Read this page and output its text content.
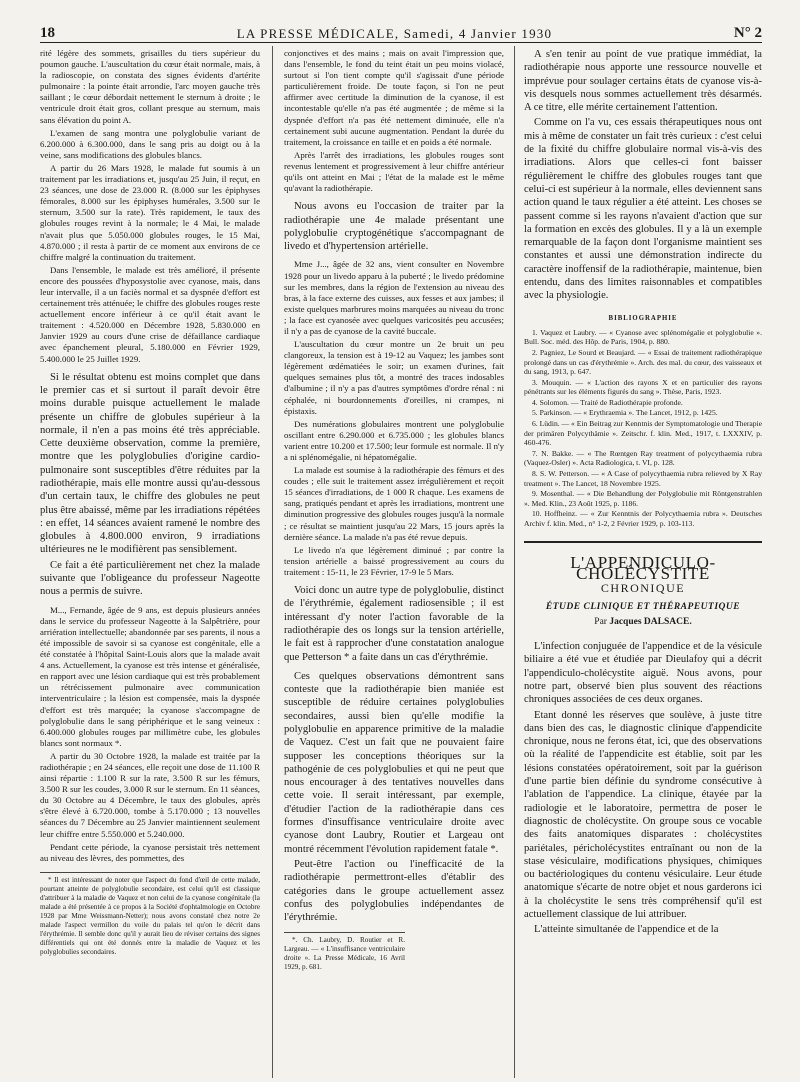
18	LA PRESSE MÉDICALE, Samedi, 4 Janvier 1930	N° 2

rité légère des sommets, grisailles du tiers supérieur du poumon gauche. L'auscultation du cœur était normale, mais, à la radioscopie, on constata des signes évidents d'artérite pulmonaire : la pointe était arrondie, l'arc moyen gauche très saillant ; le cœur débordait nettement le sternum à droite ; le ventricule droit était gros, collant presque au sternum, mais sans élévation du point A.

L'examen de sang montra une polyglobulie variant de 6.200.000 à 6.300.000, dans le sang pris au doigt ou à la veine, sans modifications des globules blancs.

A partir du 26 Mars 1928, le malade fut soumis à un traitement par les irradiations et, jusqu'au 25 Juin, il reçut, en 23 séances, une dose de 23.000 R. (8.000 sur les épiphyses fémorales, 8.000 sur les épiphyses humérales, 3.500 sur le sternum, 3.500 sur la rate). Très rapidement, le taux des globules rouges revint à la normale; le 4 Mai, le malade n'avait plus que 5.050.000 globules rouges, le 15 Mai, 4.870.000 ; il resta à partir de ce moment aux environs de ce chiffre malgré la continuation du traitement.

Dans l'ensemble, le malade est très amélioré, il présente encore des poussées d'hyposystolie avec cyanose, mais, dans leur intervalle, il a un faciès normal et sa dyspnée d'effort est certainement très atténuée; le chiffre des globules rouges reste actuellement encore inférieur à ce qu'il était avant le traitement : 4.520.000 en Décembre 1928, 5.830.000 en Janvier 1929 au cours d'une crise de défaillance cardiaque avec épanchement pleural, 5.180.000 en Février 1929, 5.400.000 le 25 Juillet 1929.

Si le résultat obtenu est moins complet que dans le premier cas et si surtout il paraît devoir être moins durable puisque actuellement le malade présente un chiffre de globules supérieur à la normale, il n'en a pas moins été très appréciable. Cette deuxième observation, comme la première, montre que les polyglobulies d'origine cardio-pulmonaire sont susceptibles d'être réduites par la radiothérapie, mais elle montre aussi qu'au-dessous d'un certain taux, le chiffre des globules ne peut plus être abaissé, même par les irradiations répétées : en effet, 14 séances avaient ramené le nombre des globules à 4.800.000 environ, 9 irradiations ultérieures ne le modifièrent pas sensiblement.

Ce fait a été particulièrement net chez la malade suivante que l'obligeance du professeur Nageotte nous a permis de suivre.

M..., Fernande, âgée de 9 ans, est depuis plusieurs années dans le service du professeur Nageotte à la Salpêtrière, pour arriération intellectuelle; abandonnée par ses parents, il nous a été impossible de savoir si sa cyanose est congénitale, elle a été constatée à l'hôpital Saint-Louis alors que la malade avait 4 ans. Actuellement, la cyanose est très intense et généralisée, en rapport avec une lésion cardiaque qui est très probablement un rétrécissement pulmonaire avec communication interventriculaire ; la lésion est compensée, mais la dyspnée d'effort est très marquée; la cyanose s'accompagne de polyglobulie dans le sang périphérique et le sang veineux : 6.400.000 globules rouges par millimètre cube, les globules blancs sont normaux *.

A partir du 30 Octobre 1928, la malade est traitée par la radiothérapie ; en 24 séances, elle reçoit une dose de 11.100 R ainsi répartie : 1.100 R sur la rate, 3.500 R sur les fémurs, 3.500 R sur les coudes, 3.000 R sur le sternum. En 11 séances, du 30 Octobre au 4 Décembre, le taux des globules, après s'être élevé à 6.720.000, tombe à 5.170.000 ; 13 nouvelles séances du 7 Décembre au 25 Janvier maintiennent seulement leur chiffre entre 5.550.000 et 5.240.000.

Pendant cette période, la cyanose persistait très nettement au niveau des lèvres, des pommettes, des

* Il est intéressant de noter que l'aspect du fond d'œil de cette malade, pourtant atteinte de polyglobulie secondaire, est celui qu'il est classique d'attribuer à la maladie de Vaquez et non celui de la cyanose congénitale (la malade a été présentée à ce propos à la Société d'ophtalmologie en Octobre 1928 par Mme Weissmann-Netter); nous avons constaté chez notre 2e malade l'aspect vermillon du voile du palais tel qu'on le décrit dans l'érythrémie. Il semble donc qu'il y aurait lieu de réviser certains des signes différentiels qui ont été donnés entre la maladie de Vaquez et les polyglobulies secondaires.

conjonctives et des mains ; mais on avait l'impression que, dans l'ensemble, le fond du teint était un peu moins violacé, surtout si l'on tient compte qu'il s'agissait d'une période particulièrement froide. De toute façon, si l'on ne peut affirmer avec certitude la diminution de la cyanose, il est incontestable qu'elle n'a pas été augmentée ; de même si la dyspnée d'effort n'a pas été nettement diminuée, elle n'a certainement subi aucune augmentation. Pendant la durée du traitement, la croissance en taille et en poids a été normale.

Après l'arrêt des irradiations, les globules rouges sont revenus lentement et progressivement à leur chiffre antérieur qu'ils ont atteint en Mai ; l'état de la malade est le même qu'avant la radiothérapie.

Nous avons eu l'occasion de traiter par la radiothérapie une 4e malade présentant une polyglobulie cryptogénétique s'accompagnant de livedo et d'hypertension artérielle.

Mme J..., âgée de 32 ans, vient consulter en Novembre 1928 pour un livedo apparu à la puberté ; le livedo prédomine sur les membres, dans la région de l'extension au niveau des bras, à la face externe des cuisses, aux fesses et aux jambes; il existe quelques marbrures moins marquées au niveau du tronc ; la face est cyanosée avec quelques varicosités peu accusées; il n'y a pas de cyanose de la cavité buccale.

L'auscultation du cœur montre un 2e bruit un peu clangoreux, la tension est à 19-12 au Vaquez; les jambes sont légèrement œdématiées le soir; un examen d'urines, fait quelques semaines plus tôt, a montré des traces indosables d'albumine ; il n'y a pas d'autres symptômes d'ordre rénal : ni céphalée, ni bourdonnements d'oreilles, ni crampes, ni épistaxis.

Des numérations globulaires montrent une polyglobulie oscillant entre 6.290.000 et 6.735.000 ; les globules blancs varient entre 10.200 et 17.500; leur formule est normale. Il n'y a ni splénomégalie, ni hépatomégalie.

La malade est soumise à la radiothérapie des fémurs et des coudes ; elle suit le traitement assez irrégulièrement et reçoit 15 séances d'irradiations, de 1 000 R chaque. Les examens de sang, pratiqués pendant et après les irradiations, montrent une diminution progressive des globules rouges jusqu'à la normale ; ce résultat se maintient jusqu'au 22 Mars, 15 jours après la dernière séance. La malade n'a pas été revue depuis.

Le livedo n'a que légèrement diminué ; par contre la tension artérielle a baissé progressivement au cours du traitement : 15-11, le 23 Février, 17-9 le 5 Mars.

Voici donc un autre type de polyglobulie, distinct de l'érythrémie, également radiosensible ; il est intéressant d'y noter l'action favorable de la radiothérapie des os longs sur la tension artérielle, le fait est à rapprocher d'une constatation analogue que Petterson * a faite dans un cas d'érythrémie.

Ces quelques observations démontrent sans conteste que la radiothérapie bien maniée est susceptible de réduire certaines polyglobulies secondaires, aussi bien qu'elle modifie la polyglobulie en apparence primitive de la maladie de Vaquez. C'est un fait que ne pouvaient faire supposer les conceptions théoriques sur la pathogénie de ces polyglobulies et qui ne peut que nous encourager à des tentatives nouvelles dans cette voie. Il serait intéressant, par exemple, d'étudier l'action de la radiothérapie dans ces formes d'insuffisance ventriculaire droite avec cyanose dont Laubry, Routier et Largeau ont montré récemment l'évolution rapidement fatale *.

Peut-être l'action ou l'inefficacité de la radiothérapie permettront-elles d'établir des catégories dans le groupe actuellement assez confus des polyglobulies indépendantes de l'érythrémie.

*. Ch. Laubry, D. Routier et R. Largeau. — « L'insuffisance ventriculaire droite ». La Presse Médicale, 16 Avril 1929, p. 681.

A s'en tenir au point de vue pratique immédiat, la radiothérapie nous apporte une ressource nouvelle et imprévue pour soulager certains états de cyanose vis-à-vis desquels nous sommes actuellement très désarmés. A ce titre, elle mérite certainement l'attention.

Comme on l'a vu, ces essais thérapeutiques nous ont mis à même de constater un fait très curieux : c'est celui de la fixité du chiffre globulaire normal vis-à-vis des irradiations. Alors que celles-ci font baisser régulièrement le chiffre des globules rouges tant que celui-ci est supérieur à la normale, elles deviennent sans action quand le taux régulier a été atteint. Les choses se passent comme si les rayons n'avaient d'action que sur la formation en excès des globules. Il y a là un exemple remarquable de la façon dont l'organisme maintient ses constantes et aussi une démonstration indirecte du caractère inoffensif de la radiothérapie, maintenue, bien entendu, dans des limites raisonnables et compatibles avec la physiologie.

BIBLIOGRAPHIE
1. Vaquez et Laubry. — « Cyanose avec splénomégalie et polyglobulie ». Bull. Soc. méd. des Hôp. de Paris, 1904, p. 880.
2. Pagniez, Le Sourd et Beaujard. — « Essai de traitement radiothérapique prolongé dans un cas d'érythrémie ». Arch. des mal. du cœur, des vaisseaux et du sang, 1913, p. 647.
3. Mouquin. — « L'action des rayons X et en particulier des rayons pénétrants sur les éléments figurés du sang ». Thèse, Paris, 1923.
4. Solomon. — Traité de Radiothérapie profonde.
5. Parkinson. — « Erythraemia ». The Lancet, 1912, p. 1425.
6. Lüdin. — « Ein Beitrag zur Kenntnis der Symptomatologie und Therapie der primären Polycythämie ». Zeitschr. f. klin. Med., 1917, t. LXXXIV, p. 460-476.
7. N. Bakke. — « The Rœntgen Ray treatment of polycythaemia rubra (Vaquez-Osler) ». Acta Radiologica, t. VI, p. 128.
8. S. W. Petterson. — « A Case of polycythaemia rubra relieved by X Ray treatment ». The Lancet, 18 Novembre 1925.
9. Mosenthal. — « Die Behandlung der Polyglobulie mit Röntgenstrahlen ». Med. Klin., 23 Août 1925, p. 1186.
10. Hoffheinz. — « Zur Kenntnis der Polycythaemia rubra ». Deutsches Archiv f. klin. Med., n° 1-2, 2 Février 1929, p. 103-113.
L'APPENDICULO-CHOLÉCYSTITE
CHRONIQUE
ÉTUDE CLINIQUE ET THÉRAPEUTIQUE
Par Jacques DALSACE.

L'infection conjuguée de l'appendice et de la vésicule biliaire a été vue et étudiée par Dieulafoy qui a décrit l'appendiculo-cholécystite aiguë. Nous avons, pour notre part, observé bien plus souvent des réactions chroniques associées de ces deux organes.

Etant donné les réserves que soulève, à juste titre dans bien des cas, le diagnostic clinique d'appendicite chronique, nous ne ferons état, ici, que des observations où la réalité de l'appendicite est établie, soit par les lésions constatées opératoirement, soit par la guérison d'une partie bien définie du syndrome consécutive à l'ablation de l'appendice. La clinique, étayée par la radiologie et le laboratoire, permettra de poser le diagnostic de cholécystite. On groupe sous ce vocable des faits anatomiques disparates : cholécystites pariétales, péricholécystites entraînant ou non de la stase vésiculaire, modifications physiques, chimiques ou bactériologiques du contenu vésiculaire. Leur étude anatomique s'écarte de notre objet et nous garderons ici à la cholécystite le sens très compréhensif qu'il est actuellement classique de lui attribuer.

L'atteinte simultanée de l'appendice et de la
